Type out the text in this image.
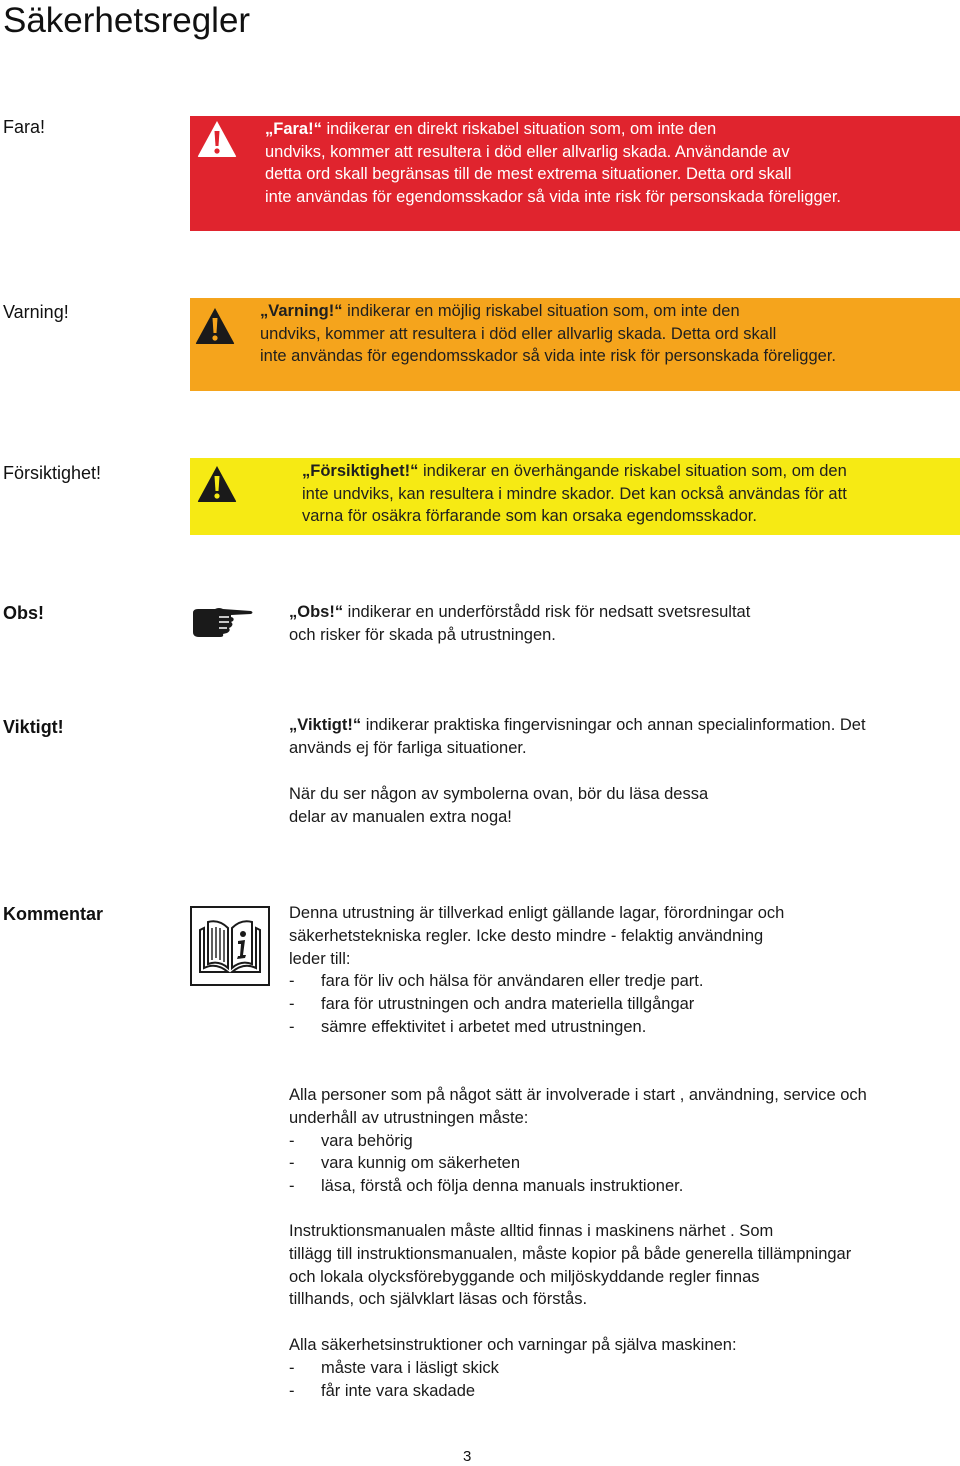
Säkerhetsregler
Fara!	„Fara!“ indikerar en direkt riskabel situation som, om inte den
undviks, kommer att resultera i död eller allvarlig skada. Användande av
detta ord skall begränsas till de mest extrema situationer. Detta ord skall
inte användas för egendomsskador så vida inte risk för personskada föreligger.
Varning!	„Varning!“ indikerar en möjlig riskabel situation som, om inte den
undviks, kommer att resultera i död eller allvarlig skada. Detta ord skall
inte användas för egendomsskador så vida inte risk för personskada föreligger.
Försiktighet!	„Försiktighet!“ indikerar en överhängande riskabel situation som, om den
inte undviks, kan resultera i mindre skador. Det kan också användas för att
varna för osäkra förfarande som kan orsaka egendomsskador.
Obs!	„Obs!“ indikerar en underförstådd risk för nedsatt svetsresultat
och risker för skada på utrustningen.
Viktigt!	„Viktigt!“ indikerar praktiska fingervisningar och annan specialinformation. Det
används ej för farliga situationer.
När du ser någon av symbolerna ovan, bör du läsa dessa
delar av manualen extra noga!
Kommentar	Denna utrustning är tillverkad enligt gällande lagar, förordningar och
säkerhetstekniska regler. Icke desto mindre - felaktig användning
leder till:
- fara för liv och hälsa för användaren eller tredje part.
- fara för utrustningen och andra materiella tillgångar
- sämre effektivitet i arbetet med utrustningen.
Alla personer som på något sätt är involverade i start , användning, service och
underhåll av utrustningen måste:
- vara behörig
- vara kunnig om säkerheten
- läsa, förstå och följa denna manuals instruktioner.
Instruktionsmanualen måste alltid finnas i maskinens närhet . Som
tillägg till instruktionsmanualen, måste kopior på både generella tillämpningar
och lokala olycksförebyggande och miljöskyddande regler finnas
tillhands, och självklart läsas och förstås.
Alla säkerhetsinstruktioner och varningar på själva maskinen:
- måste vara i läsligt skick
- får inte vara skadade
3
